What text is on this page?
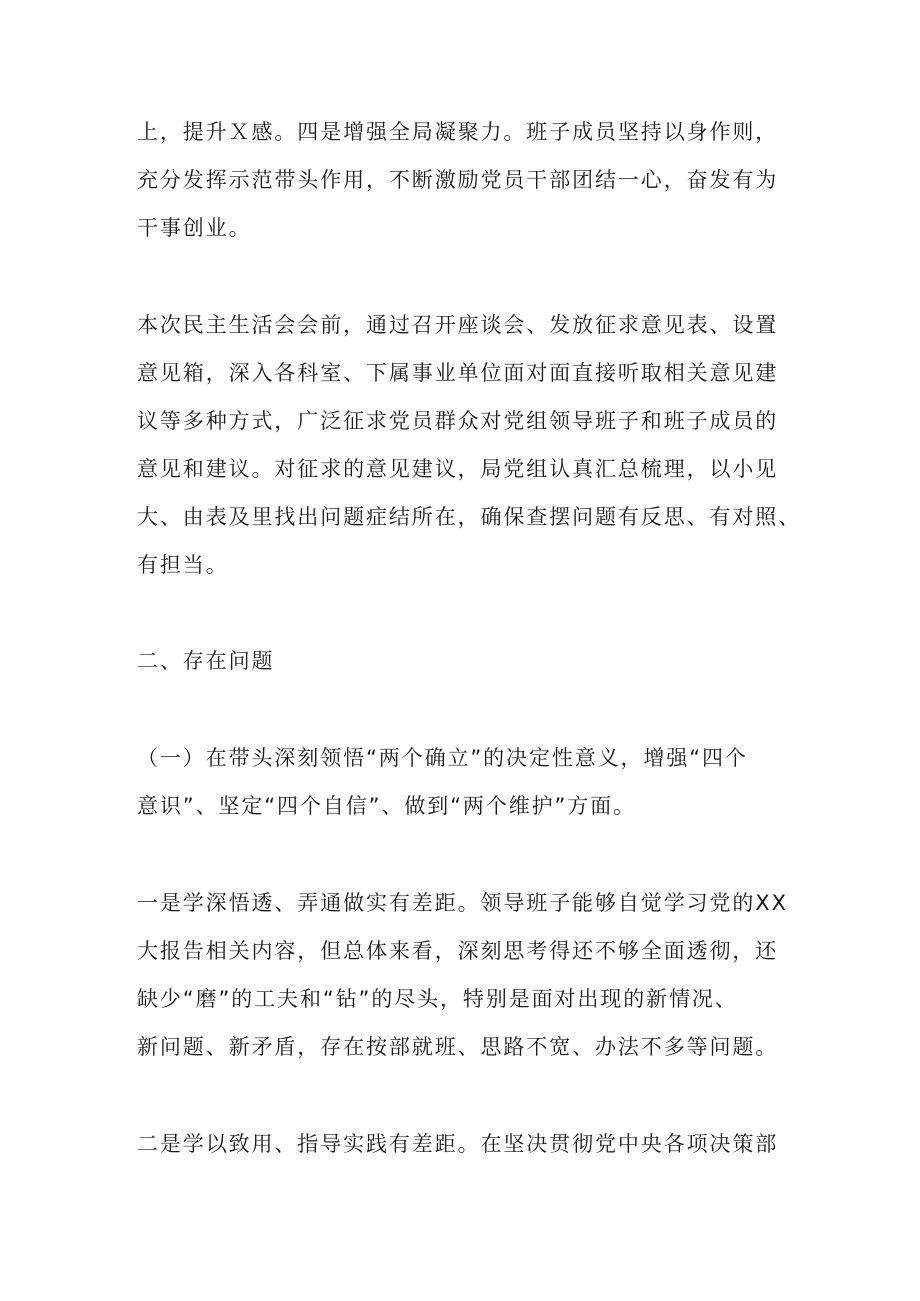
上，提升Ｘ感。四是增强全局凝聚力。班子成员坚持以身作则，
充分发挥示范带头作用，不断激励党员干部团结一心，奋发有为
干事创业。
本次民主生活会会前，通过召开座谈会、发放征求意见表、设置
意见箱，深入各科室、下属事业单位面对面直接听取相关意见建
议等多种方式，广泛征求党员群众对党组领导班子和班子成员的
意见和建议。对征求的意见建议，局党组认真汇总梳理，以小见
大、由表及里找出问题症结所在，确保查摆问题有反思、有对照、
有担当。
二、存在问题
（一）在带头深刻领悟“两个确立”的决定性意义，增强“四个
意识”、坚定“四个自信”、做到“两个维护”方面。
一是学深悟透、弄通做实有差距。领导班子能够自觉学习党的XX
大报告相关内容，但总体来看，深刻思考得还不够全面透彻，还
缺少“磨”的工夫和“钻”的尽头，特别是面对出现的新情况、
新问题、新矛盾，存在按部就班、思路不宽、办法不多等问题。
二是学以致用、指导实践有差距。在坚决贯彻党中央各项决策部
